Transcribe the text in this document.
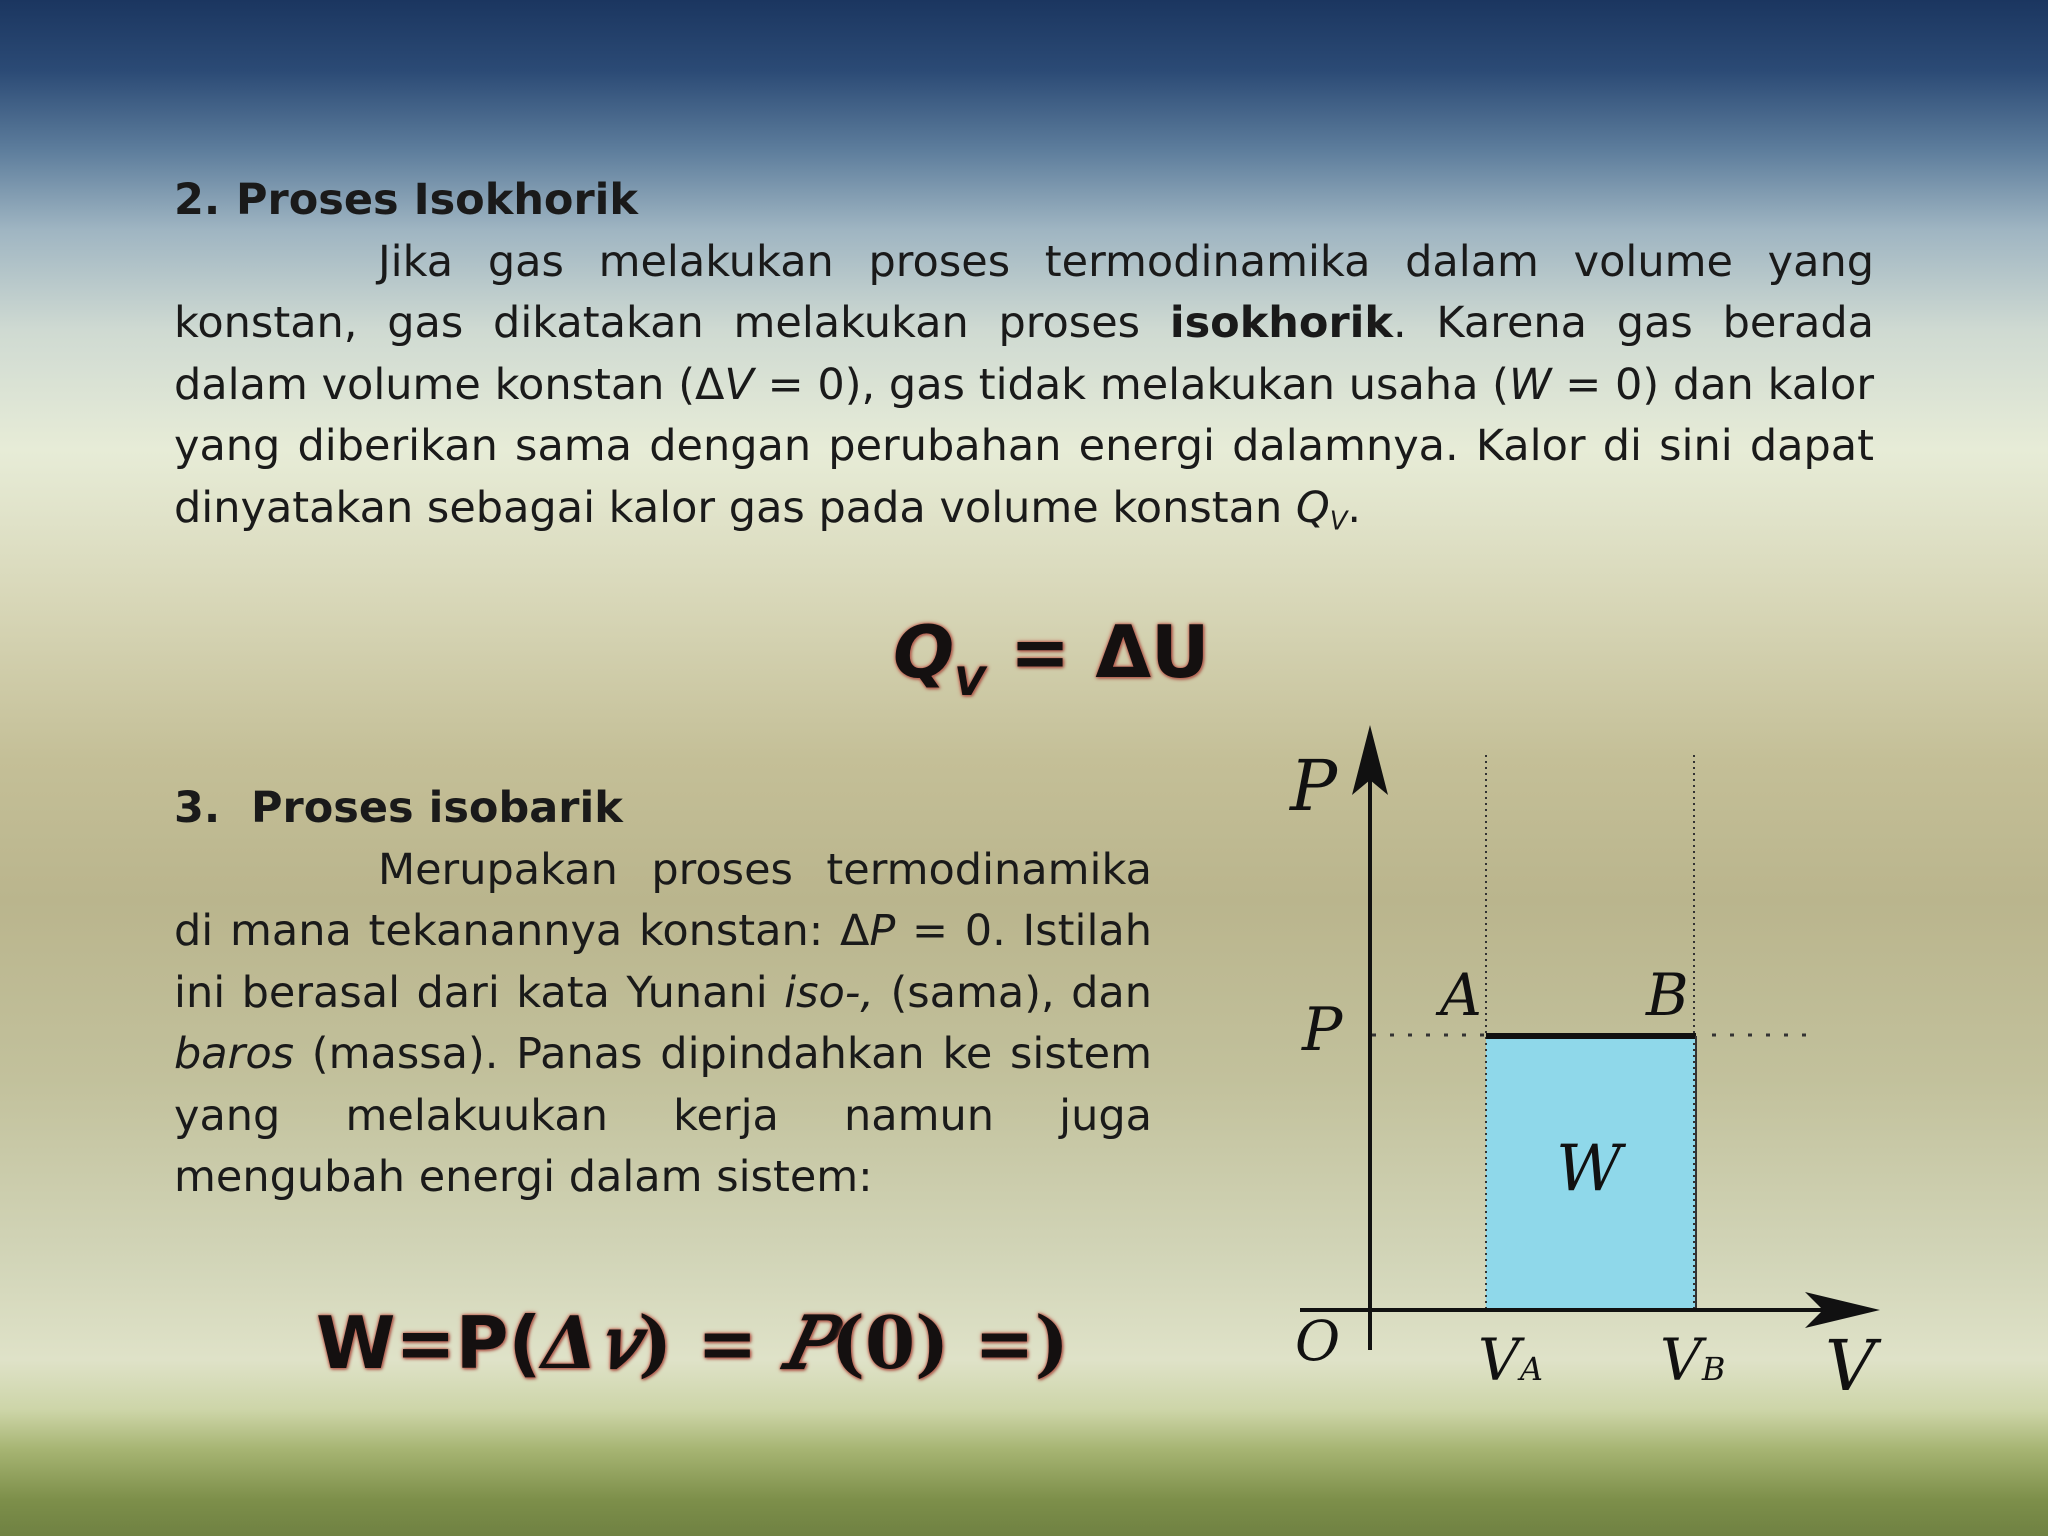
2. Proses Isokhorik

Jika gas melakukan proses termodinamika dalam volume yang konstan, gas dikatakan melakukan proses isokhorik. Karena gas berada dalam volume konstan (ΔV = 0), gas tidak melakukan usaha (W = 0) dan kalor yang diberikan sama dengan perubahan energi dalamnya. Kalor di sini dapat dinyatakan sebagai kalor gas pada volume konstan $Q_V$.

$Q_V = \Delta U$
3. Proses isobarik

Merupakan proses termodinamika di mana tekanannya konstan: ΔP = 0. Istilah ini berasal dari kata Yunani iso-, (sama), dan baros (massa). Panas dipindahkan ke sistem yang melakuukan kerja namun juga mengubah energi dalam sistem:

W=P(Δ𝑣) = 𝑃(0) =)
P
V
O
P A	B
W
VA VB
